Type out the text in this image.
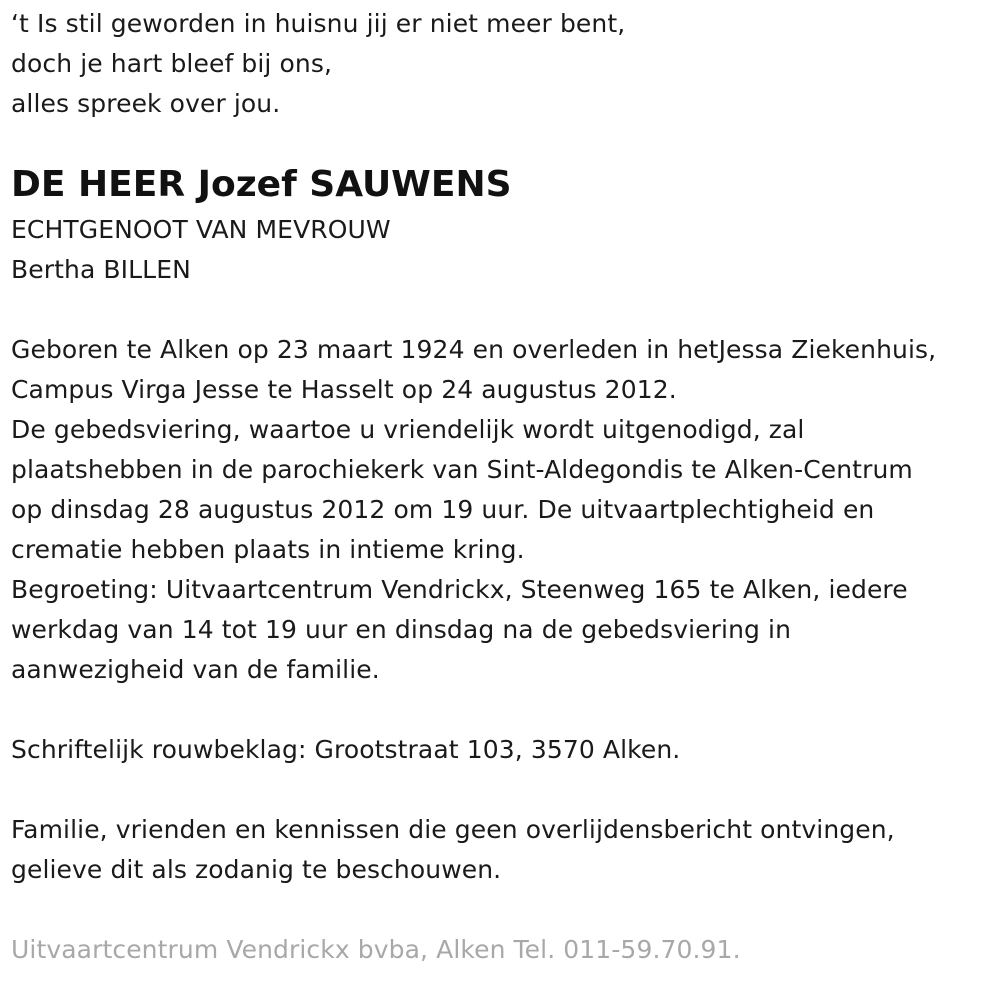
‘t Is stil geworden in huisnu jij er niet meer bent,
doch je hart bleef bij ons,
alles spreek over jou.
DE HEER Jozef SAUWENS
ECHTGENOOT VAN MEVROUW
Bertha BILLEN
Geboren te Alken op 23 maart 1924 en overleden in hetJessa Ziekenhuis,
Campus Virga Jesse te Hasselt op 24 augustus 2012.
De gebedsviering, waartoe u vriendelijk wordt uitgenodigd, zal
plaatshebben in de parochiekerk van Sint-Aldegondis te Alken-Centrum
op dinsdag 28 augustus 2012 om 19 uur. De uitvaartplechtigheid en
crematie hebben plaats in intieme kring.
Begroeting: Uitvaartcentrum Vendrickx, Steenweg 165 te Alken, iedere
werkdag van 14 tot 19 uur en dinsdag na de gebedsviering in
aanwezigheid van de familie.
Schriftelijk rouwbeklag: Grootstraat 103, 3570 Alken.
Familie, vrienden en kennissen die geen overlijdensbericht ontvingen,
gelieve dit als zodanig te beschouwen.
Uitvaartcentrum Vendrickx bvba, Alken Tel. 011-59.70.91.
